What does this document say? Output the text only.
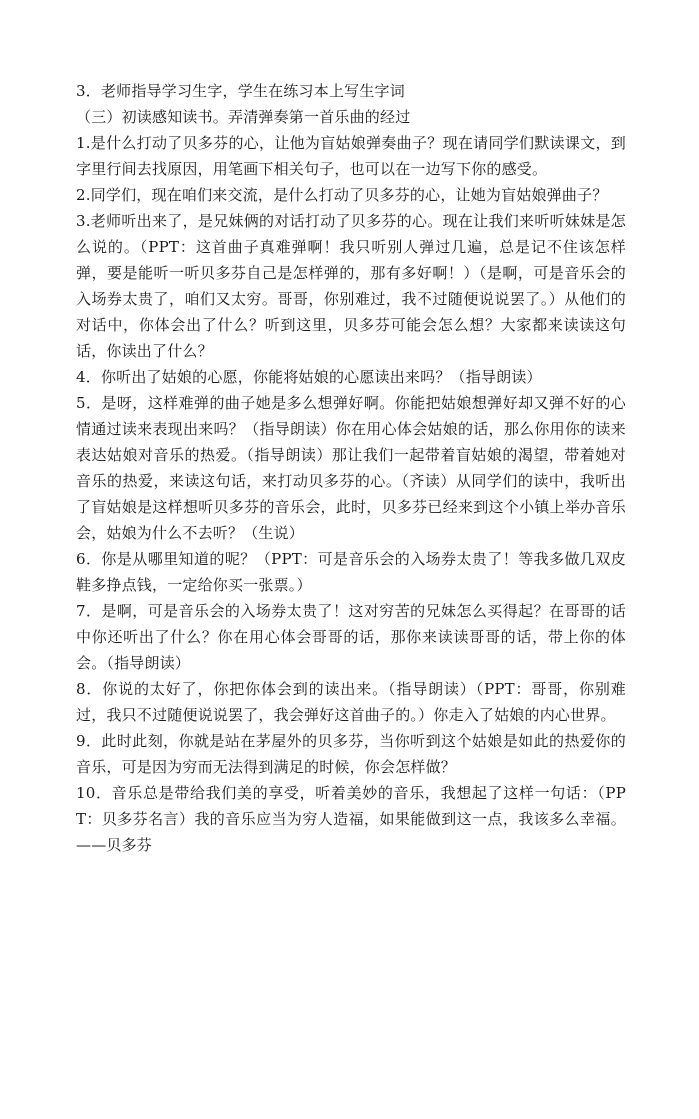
3．老师指导学习生字，学生在练习本上写生字词

（三）初读感知读书。弄清弹奏第一首乐曲的经过

1.是什么打动了贝多芬的心，让他为盲姑娘弹奏曲子？现在请同学们默读课文，到字里行间去找原因，用笔画下相关句子，也可以在一边写下你的感受。

2.同学们，现在咱们来交流，是什么打动了贝多芬的心，让她为盲姑娘弹曲子？

3.老师听出来了，是兄妹俩的对话打动了贝多芬的心。现在让我们来听听妹妹是怎么说的。（PPT：这首曲子真难弹啊！我只听别人弹过几遍，总是记不住该怎样弹，要是能听一听贝多芬自己是怎样弹的，那有多好啊！）（是啊，可是音乐会的入场券太贵了，咱们又太穷。哥哥，你别难过，我不过随便说说罢了。）从他们的对话中，你体会出了什么？听到这里，贝多芬可能会怎么想？大家都来读读这句话，你读出了什么？

4．你听出了姑娘的心愿，你能将姑娘的心愿读出来吗？（指导朗读）

5．是呀，这样难弹的曲子她是多么想弹好啊。你能把姑娘想弹好却又弹不好的心情通过读来表现出来吗？（指导朗读）你在用心体会姑娘的话，那么你用你的读来表达姑娘对音乐的热爱。（指导朗读）那让我们一起带着盲姑娘的渴望，带着她对音乐的热爱，来读这句话，来打动贝多芬的心。（齐读）从同学们的读中，我听出了盲姑娘是这样想听贝多芬的音乐会，此时，贝多芬已经来到这个小镇上举办音乐会，姑娘为什么不去听？（生说）

6．你是从哪里知道的呢？（PPT：可是音乐会的入场券太贵了！等我多做几双皮鞋多挣点钱，一定给你买一张票。）

7．是啊，可是音乐会的入场券太贵了！这对穷苦的兄妹怎么买得起？在哥哥的话中你还听出了什么？你在用心体会哥哥的话，那你来读读哥哥的话，带上你的体会。（指导朗读）

8．你说的太好了，你把你体会到的读出来。（指导朗读）（PPT：哥哥，你别难过，我只不过随便说说罢了，我会弹好这首曲子的。）你走入了姑娘的内心世界。

9．此时此刻，你就是站在茅屋外的贝多芬，当你听到这个姑娘是如此的热爱你的音乐，可是因为穷而无法得到满足的时候，你会怎样做？

10．音乐总是带给我们美的享受，听着美妙的音乐，我想起了这样一句话：（PPT：贝多芬名言）我的音乐应当为穷人造福，如果能做到这一点，我该多么幸福。——贝多芬
